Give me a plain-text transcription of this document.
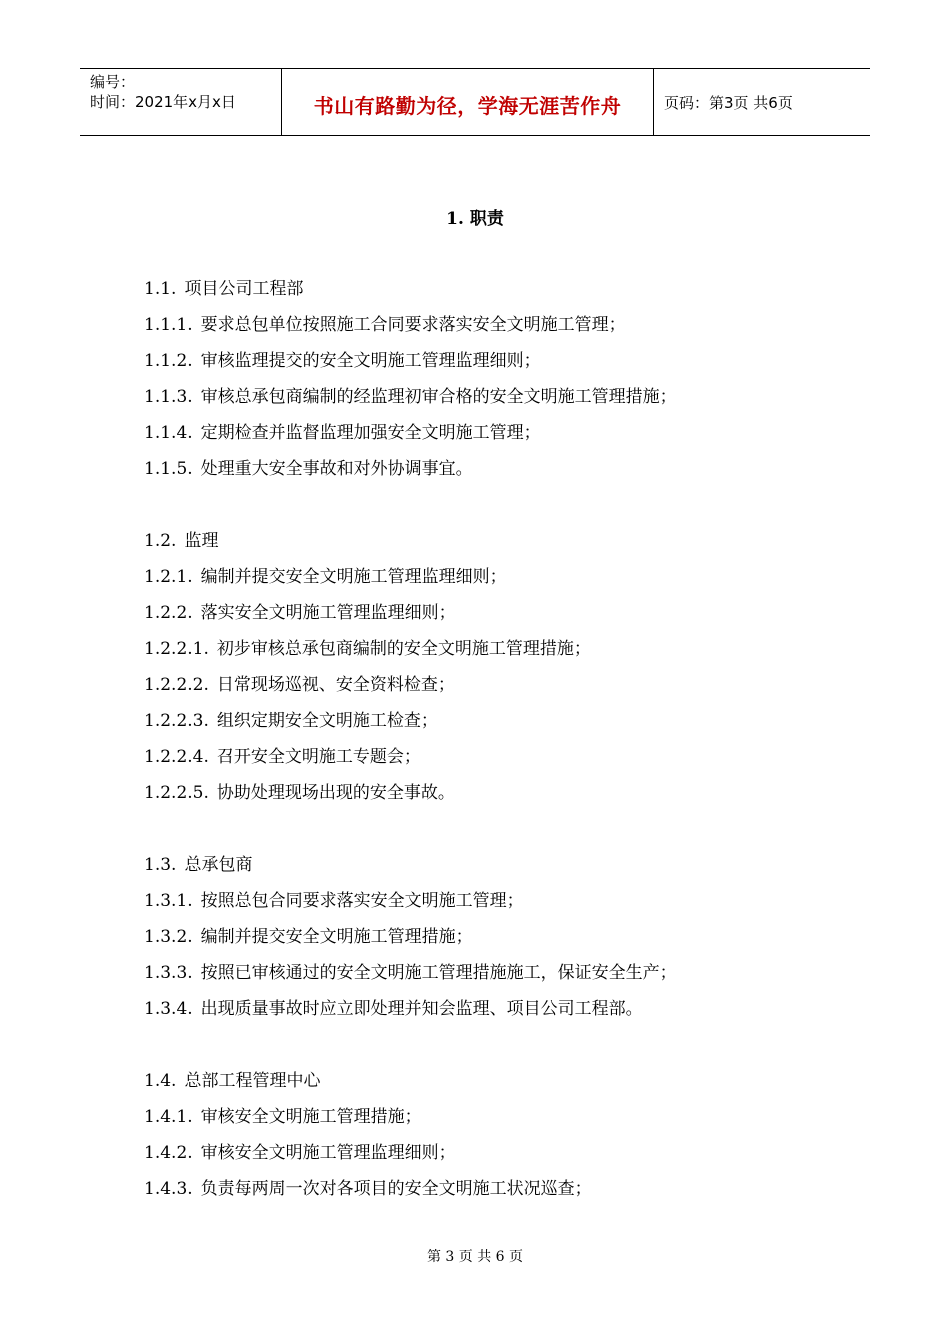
编号：
时间：2021年x月x日	书山有路勤为径，学海无涯苦作舟	页码：第3页 共6页
1. 职责
1.1. 项目公司工程部
1.1.1. 要求总包单位按照施工合同要求落实安全文明施工管理；
1.1.2. 审核监理提交的安全文明施工管理监理细则；
1.1.3. 审核总承包商编制的经监理初审合格的安全文明施工管理措施；
1.1.4. 定期检查并监督监理加强安全文明施工管理；
1.1.5. 处理重大安全事故和对外协调事宜。
1.2. 监理
1.2.1. 编制并提交安全文明施工管理监理细则；
1.2.2. 落实安全文明施工管理监理细则；
1.2.2.1. 初步审核总承包商编制的安全文明施工管理措施；
1.2.2.2. 日常现场巡视、安全资料检查；
1.2.2.3. 组织定期安全文明施工检查；
1.2.2.4. 召开安全文明施工专题会；
1.2.2.5. 协助处理现场出现的安全事故。
1.3. 总承包商
1.3.1. 按照总包合同要求落实安全文明施工管理；
1.3.2. 编制并提交安全文明施工管理措施；
1.3.3. 按照已审核通过的安全文明施工管理措施施工，保证安全生产；
1.3.4. 出现质量事故时应立即处理并知会监理、项目公司工程部。
1.4. 总部工程管理中心
1.4.1. 审核安全文明施工管理措施；
1.4.2. 审核安全文明施工管理监理细则；
1.4.3. 负责每两周一次对各项目的安全文明施工状况巡查；
第 3 页 共 6 页
